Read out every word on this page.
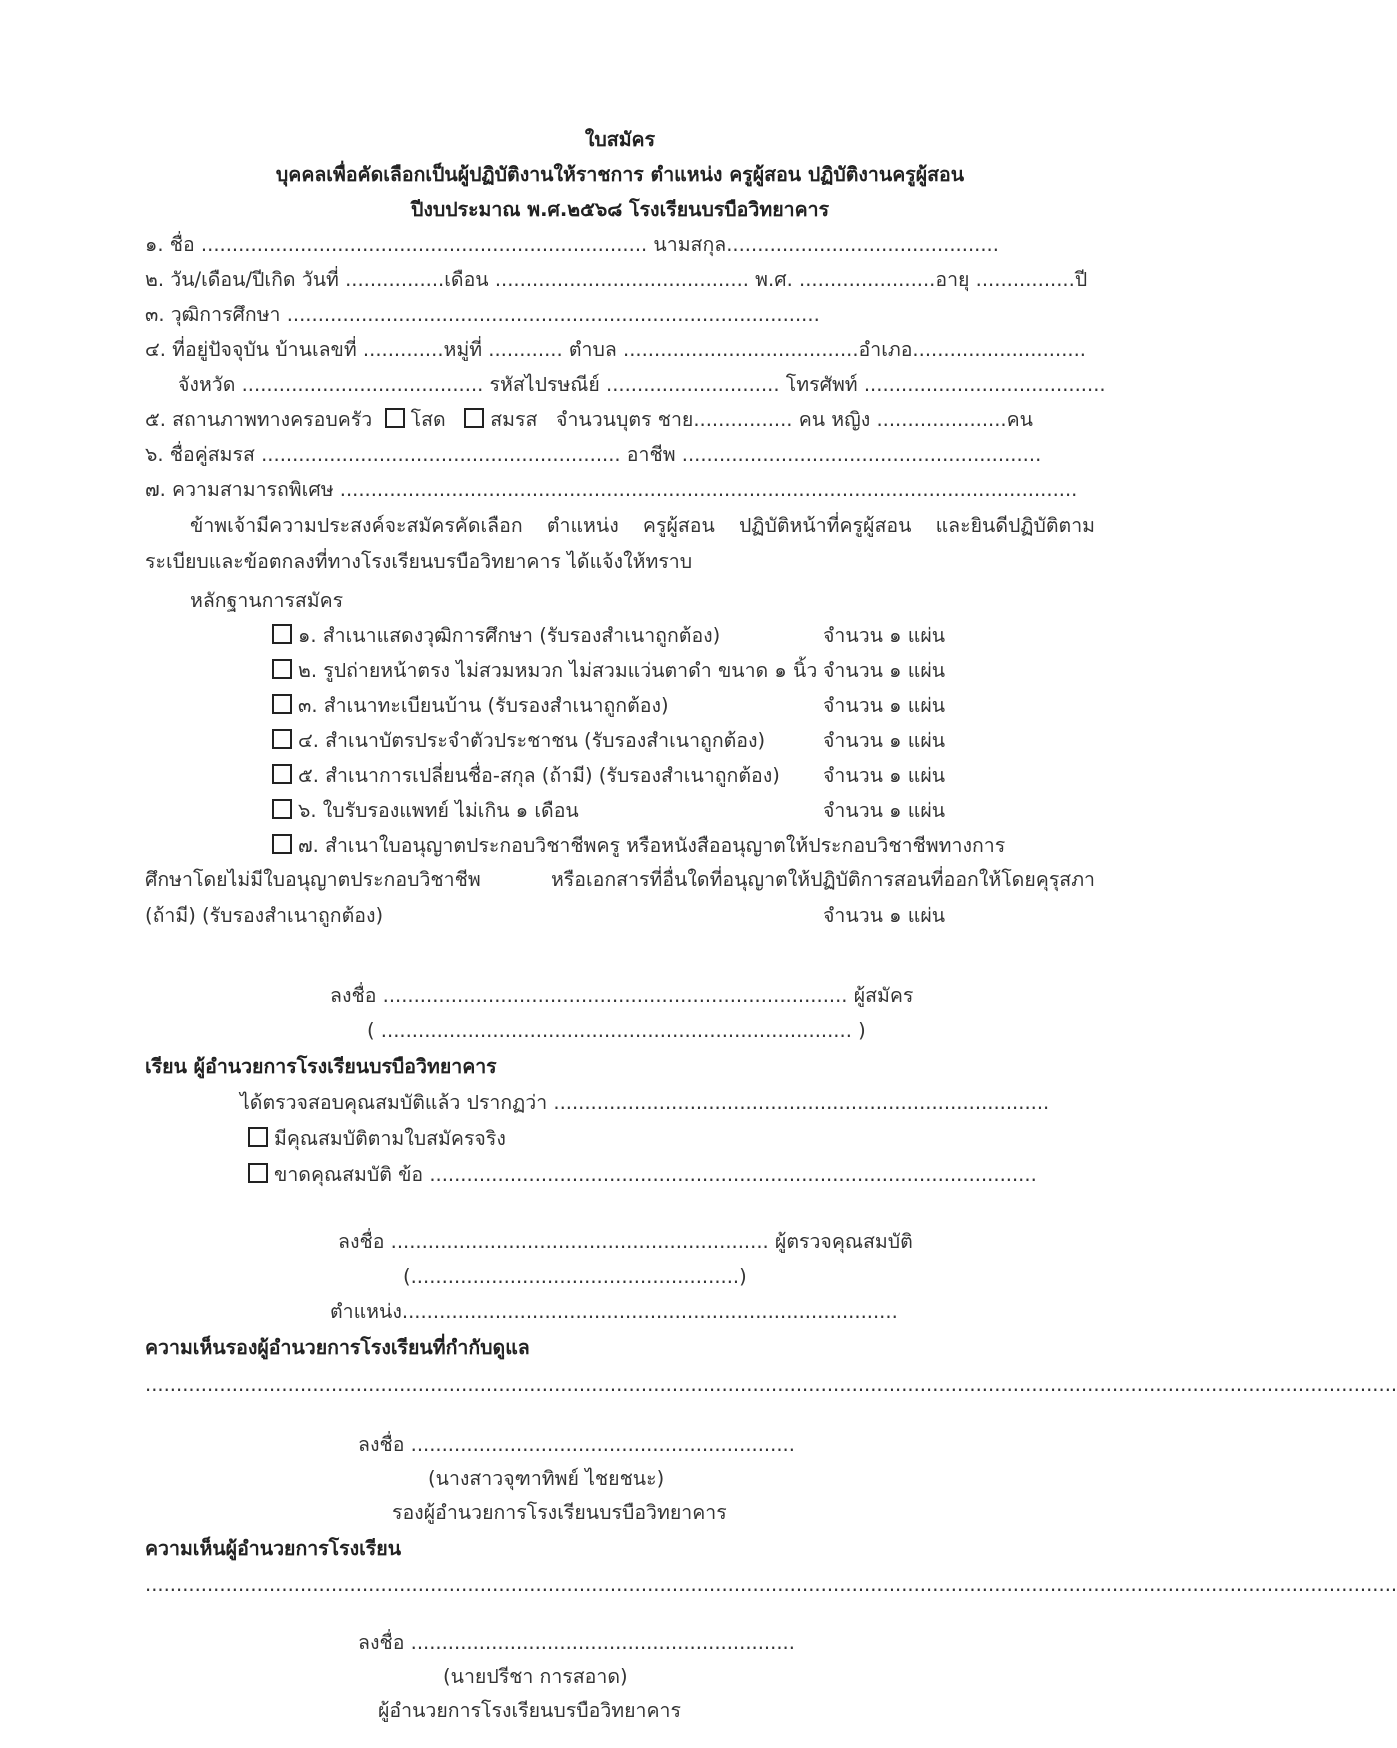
ใบสมัคร
บุคคลเพื่อคัดเลือกเป็นผู้ปฏิบัติงานให้ราชการ ตำแหน่ง ครูผู้สอน ปฏิบัติงานครูผู้สอน
ปีงบประมาณ พ.ศ.๒๕๖๘ โรงเรียนบรบือวิทยาคาร
๑. ชื่อ ........................................................................ นามสกุล............................................
๒. วัน/เดือน/ปีเกิด วันที่ ................เดือน ......................................... พ.ศ. ......................อายุ ................ปี
๓. วุฒิการศึกษา ......................................................................................
๔. ที่อยู่ปัจจุบัน บ้านเลขที่ .............หมู่ที่ ............ ตำบล ......................................อำเภอ............................
จังหวัด ....................................... รหัสไปรษณีย์ ............................ โทรศัพท์ .......................................
๕. สถานภาพทางครอบครัว โสด สมรส จำนวนบุตร ชาย................ คน หญิง .....................คน
๖. ชื่อคู่สมรส .......................................................... อาชีพ ..........................................................
๗. ความสามารถพิเศษ .......................................................................................................................
ข้าพเจ้ามีความประสงค์จะสมัครคัดเลือก ตำแหน่ง ครูผู้สอน ปฏิบัติหน้าที่ครูผู้สอน และยินดีปฏิบัติตาม
ระเบียบและข้อตกลงที่ทางโรงเรียนบรบือวิทยาคาร ได้แจ้งให้ทราบ
หลักฐานการสมัคร
๑. สำเนาแสดงวุฒิการศึกษา (รับรองสำเนาถูกต้อง)	จำนวน ๑ แผ่น
๒. รูปถ่ายหน้าตรง ไม่สวมหมวก ไม่สวมแว่นตาดำ ขนาด ๑ นิ้ว จำนวน ๑ แผ่น
๓. สำเนาทะเบียนบ้าน (รับรองสำเนาถูกต้อง)	จำนวน ๑ แผ่น
๔. สำเนาบัตรประจำตัวประชาชน (รับรองสำเนาถูกต้อง)	จำนวน ๑ แผ่น
๕. สำเนาการเปลี่ยนชื่อ-สกุล (ถ้ามี) (รับรองสำเนาถูกต้อง) จำนวน ๑ แผ่น
๖. ใบรับรองแพทย์ ไม่เกิน ๑ เดือน	จำนวน ๑ แผ่น
๗. สำเนาใบอนุญาตประกอบวิชาชีพครู หรือหนังสืออนุญาตให้ประกอบวิชาชีพทางการ
ศึกษาโดยไม่มีใบอนุญาตประกอบวิชาชีพ หรือเอกสารที่อื่นใดที่อนุญาตให้ปฏิบัติการสอนที่ออกให้โดยคุรุสภา
(ถ้ามี) (รับรองสำเนาถูกต้อง)	จำนวน ๑ แผ่น
ลงชื่อ ........................................................................... ผู้สมัคร
( ............................................................................ )
เรียน ผู้อำนวยการโรงเรียนบรบือวิทยาคาร
ได้ตรวจสอบคุณสมบัติแล้ว ปรากฏว่า ................................................................................
มีคุณสมบัติตามใบสมัครจริง
ขาดคุณสมบัติ ข้อ ..................................................................................................
ลงชื่อ ............................................................. ผู้ตรวจคุณสมบัติ
(.....................................................)
ตำแหน่ง................................................................................
ความเห็นรองผู้อำนวยการโรงเรียนที่กำกับดูแล
..........................................................................................................................................................................................................
ลงชื่อ ..............................................................
(นางสาวจุฑาทิพย์ ไชยชนะ)
รองผู้อำนวยการโรงเรียนบรบือวิทยาคาร
ความเห็นผู้อำนวยการโรงเรียน
..........................................................................................................................................................................................................
ลงชื่อ ..............................................................
(นายปรีชา การสอาด)
ผู้อำนวยการโรงเรียนบรบือวิทยาคาร
